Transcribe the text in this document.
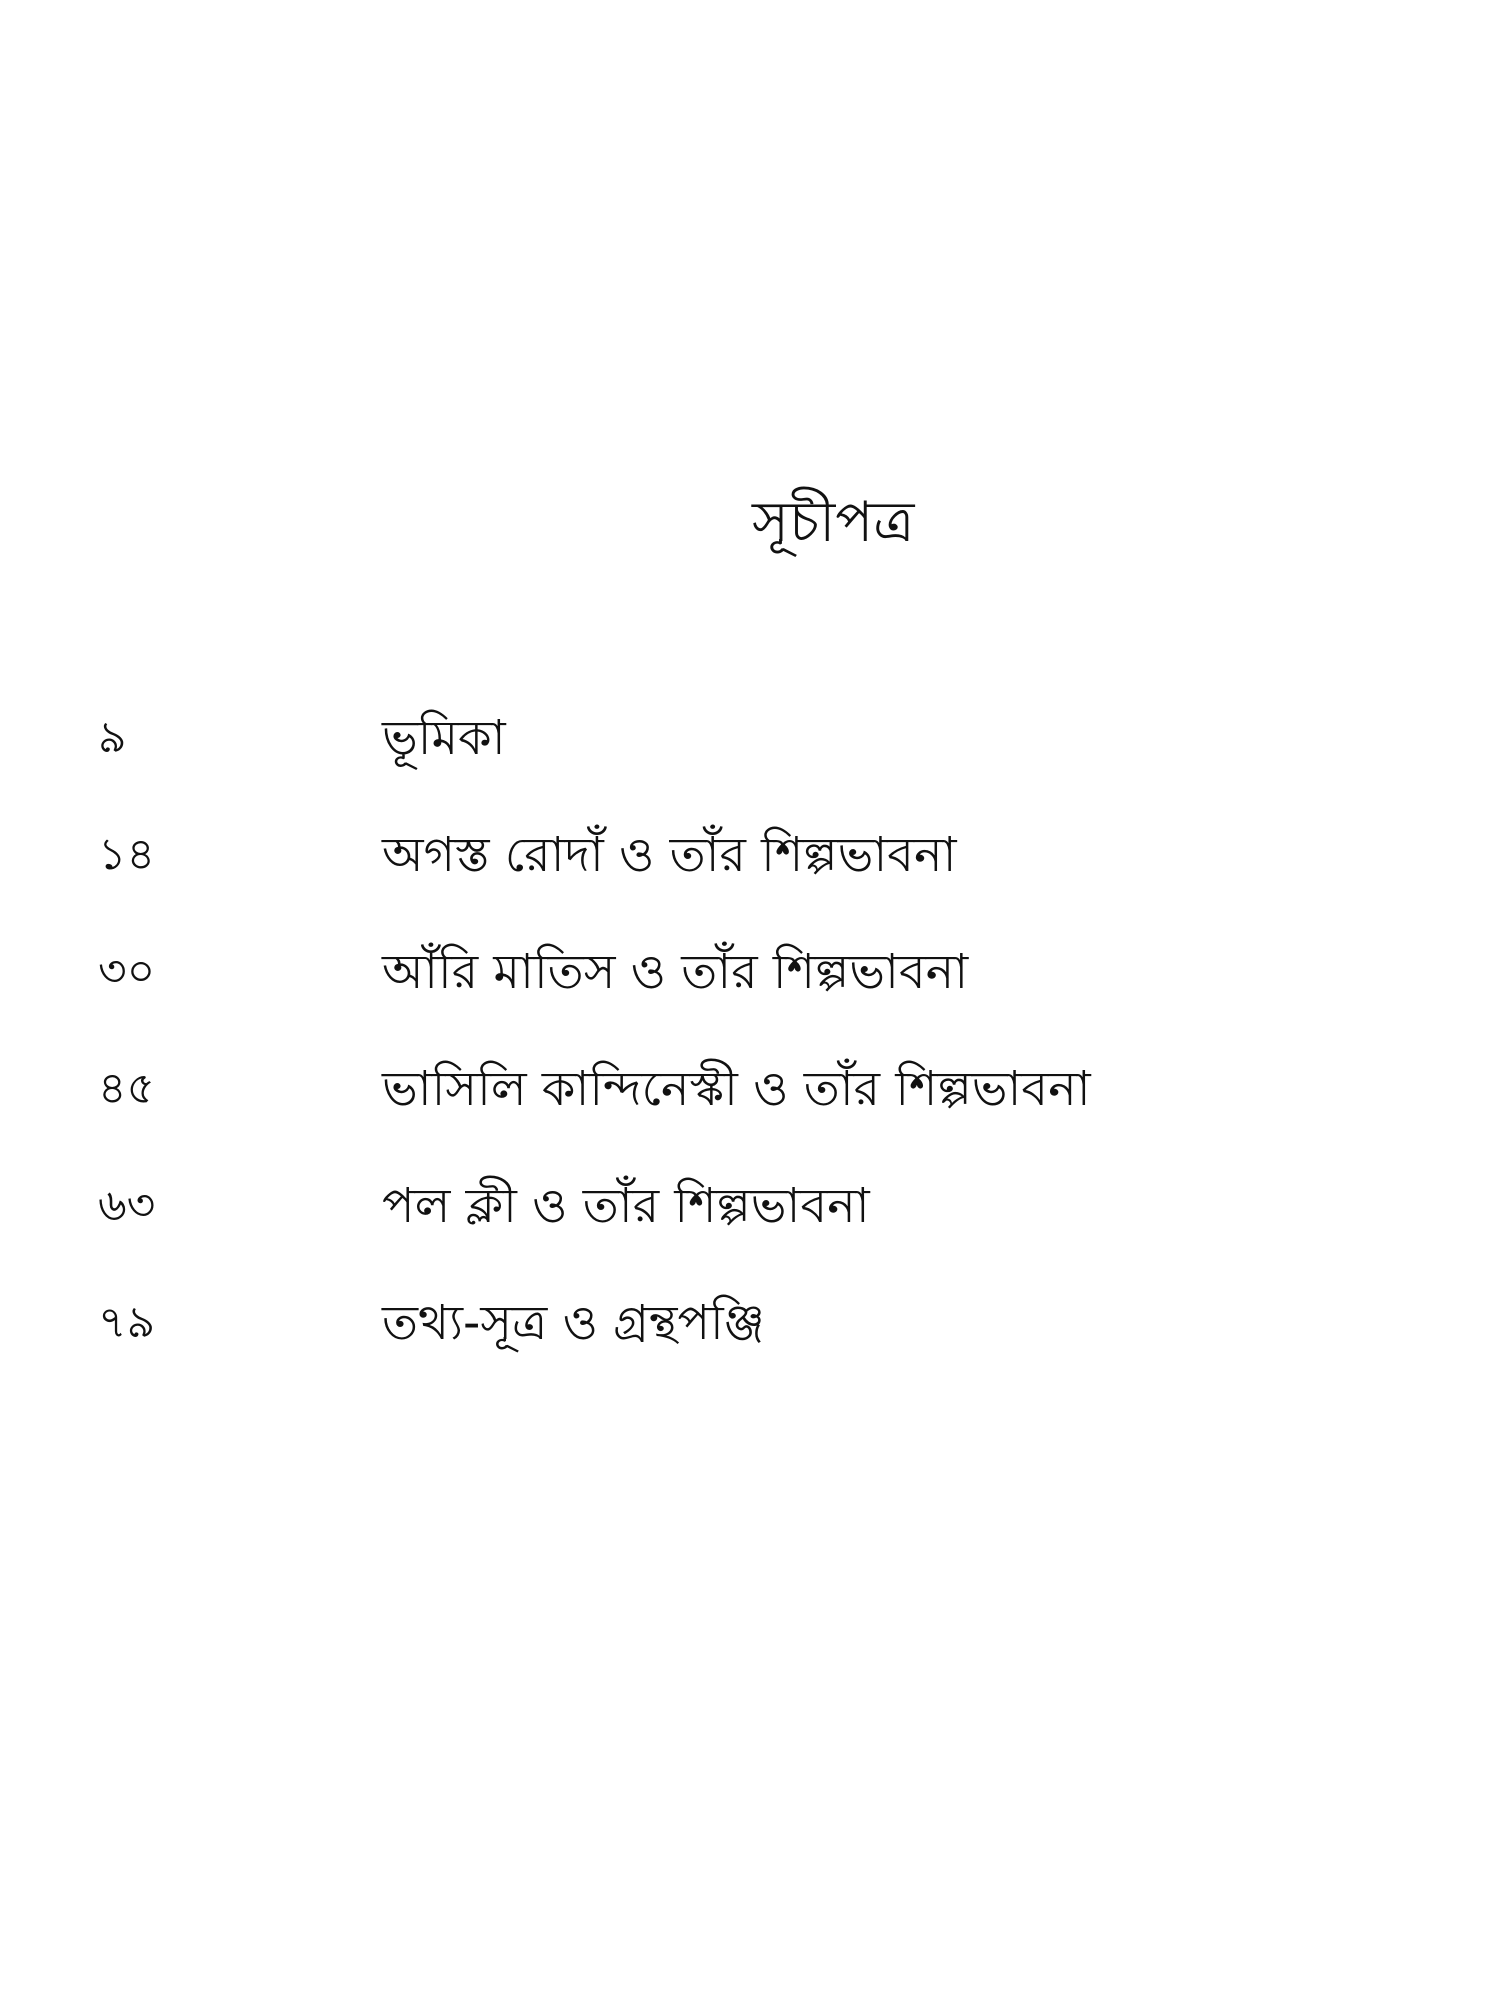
সূচীপত্র
৯	ভূমিকা
১৪	অগস্ত রোদাঁ ও তাঁর শিল্পভাবনা
৩০	আঁরি মাতিস ও তাঁর শিল্পভাবনা
৪৫	ভাসিলি কান্দিনেস্কী ও তাঁর শিল্পভাবনা
৬৩	পল ক্লী ও তাঁর শিল্পভাবনা
৭৯	তথ্য-সূত্র ও গ্রন্থপঞ্জি
